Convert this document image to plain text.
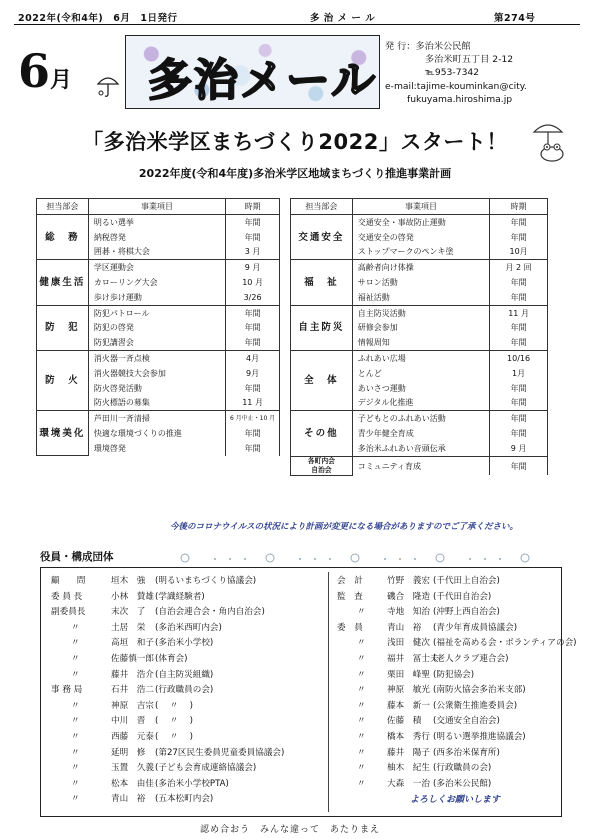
2022年(令和4年)　6月　1日発行	多 治 メ ー ル	第274号
6月 多治メール
発 行：多治米公民館
多治米町五丁目 2-12
℡953-7342
e-mail:tajime-kouminkan@city.
fukuyama.hiroshima.jp
「多治米学区まちづくり2022」スタート！
2022年度(令和4年度)多治米学区地域まちづくり推進事業計画
担当部会	事業項目	時期
総　務	明るい選挙	年間
	納税啓発	年間
	囲碁・将棋大会	3 月
健康生活	学区運動会	9 月
	カローリング大会	10 月
	歩け歩け運動	3/26
防　犯	防犯パトロール	年間
	防犯の啓発	年間
	防犯講習会	年間
防　火	消火器一斉点検	4月
	消火器競技大会参加	9月
	防火啓発活動	年間
	防火標語の募集	11 月
環境美化	芦田川一斉清掃	6 月中止・10 月
	快適な環境づくりの推進	年間
	環境啓発	年間
担当部会	事業項目	時期
交通安全	交通安全・事故防止運動	年間
	交通安全の啓発	年間
	ストップマークのペンキ塗	10月
福　祉	高齢者向け体操	月 2 回
	サロン活動	年間
	福祉活動	年間
自主防災	自主防災活動	11 月
	研修会参加	年間
	情報周知	年間
全　体	ふれあい広場	10/16
	とんど	1月
	あいさつ運動	年間
	デジタル化推進	年間
その他	子どもとのふれあい活動	年間
	青少年健全育成	年間
	多治米ふれあい音頭伝承	9 月
各町内会
自治会	コミュニティ育成	年間
今後のコロナウイルスの状況により計画が変更になる場合がありますのでご了承ください。
役員・構成団体
顧　　問	垣木　強 (明るいまちづくり協議会)
委 員 長	小林　賛雄 (学識経験者)
副委員長	末次　了 (自治会連合会・角内自治会)
〃	土居　栄 (多治米西町内会)
〃	高垣　和子 (多治米小学校)
〃	佐藤慎一郎 (体育会)
〃	藤井　浩介 (自主防災組織)
事 務 局	石井　浩二 (行政職員の会)
〃	神原　吉宗 (　 〃 　)
〃	中川　晋 (　 〃 　)
〃	西藤　元泰 (　 〃 　)
〃	延明　修 (第27区民生委員児童委員協議会)
〃	玉置　久義 (子ども会育成連絡協議会)
〃	松本　由佳 (多治米小学校PTA)
〃	青山　裕 (五本松町内会)
会　計	竹野　義宏 (千代田上自治会)
監　査	磯合　隆造 (千代田自治会)
〃	寺地　知治 (沖野上西自治会)
委　員	青山　裕 (青少年育成員協議会)
〃	浅田　健次 (福祉を高める会・ボランティアの会)
〃	福井　冨士夫
(老人クラブ連合会)
〃	栗田　峰聖 (防犯協会)
〃	神原　敏光 (南防火協会多治米支部)
〃	藤本　新一 (公衆衛生推進委員会)
〃	佐藤　積 (交通安全自治会)
〃	橋本　秀行 (明るい選挙推進協議会)
〃	藤井　陽子 (西多治米保育所)
〃	柚木　紀生 (行政職員の会)
〃	大森　一治 (多治米公民館)
よろしくお願いします
認め合おう　みんな違って　あたりまえ
